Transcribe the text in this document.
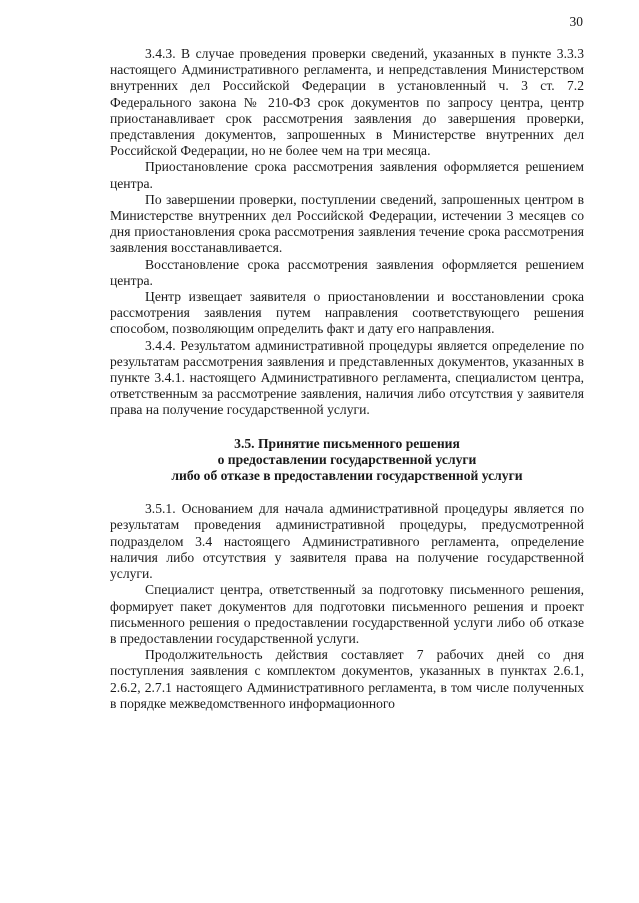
30

3.4.3. В случае проведения проверки сведений, указанных в пункте 3.3.3 настоящего Административного регламента, и непредставления Министерством внутренних дел Российской Федерации в установленный ч. 3 ст. 7.2 Федерального закона № 210-ФЗ срок документов по запросу центра, центр приостанавливает срок рассмотрения заявления до завершения проверки, представления документов, запрошенных в Министерстве внутренних дел Российской Федерации, но не более чем на три месяца.

Приостановление срока рассмотрения заявления оформляется решением центра.

По завершении проверки, поступлении сведений, запрошенных центром в Министерстве внутренних дел Российской Федерации, истечении 3 месяцев со дня приостановления срока рассмотрения заявления течение срока рассмотрения заявления восстанавливается.

Восстановление срока рассмотрения заявления оформляется решением центра.

Центр извещает заявителя о приостановлении и восстановлении срока рассмотрения заявления путем направления соответствующего решения способом, позволяющим определить факт и дату его направления.

3.4.4. Результатом административной процедуры является определение по результатам рассмотрения заявления и представленных документов, указанных в пункте 3.4.1. настоящего Административного регламента, специалистом центра, ответственным за рассмотрение заявления, наличия либо отсутствия у заявителя права на получение государственной услуги.

3.5. Принятие письменного решения
о предоставлении государственной услуги
либо об отказе в предоставлении государственной услуги

3.5.1. Основанием для начала административной процедуры является по результатам проведения административной процедуры, предусмотренной подразделом 3.4 настоящего Административного регламента, определение наличия либо отсутствия у заявителя права на получение государственной услуги.

Специалист центра, ответственный за подготовку письменного решения, формирует пакет документов для подготовки письменного решения и проект письменного решения о предоставлении государственной услуги либо об отказе в предоставлении государственной услуги.

Продолжительность действия составляет 7 рабочих дней со дня поступления заявления с комплектом документов, указанных в пунктах 2.6.1, 2.6.2, 2.7.1 настоящего Административного регламента, в том числе полученных в порядке межведомственного информационного
